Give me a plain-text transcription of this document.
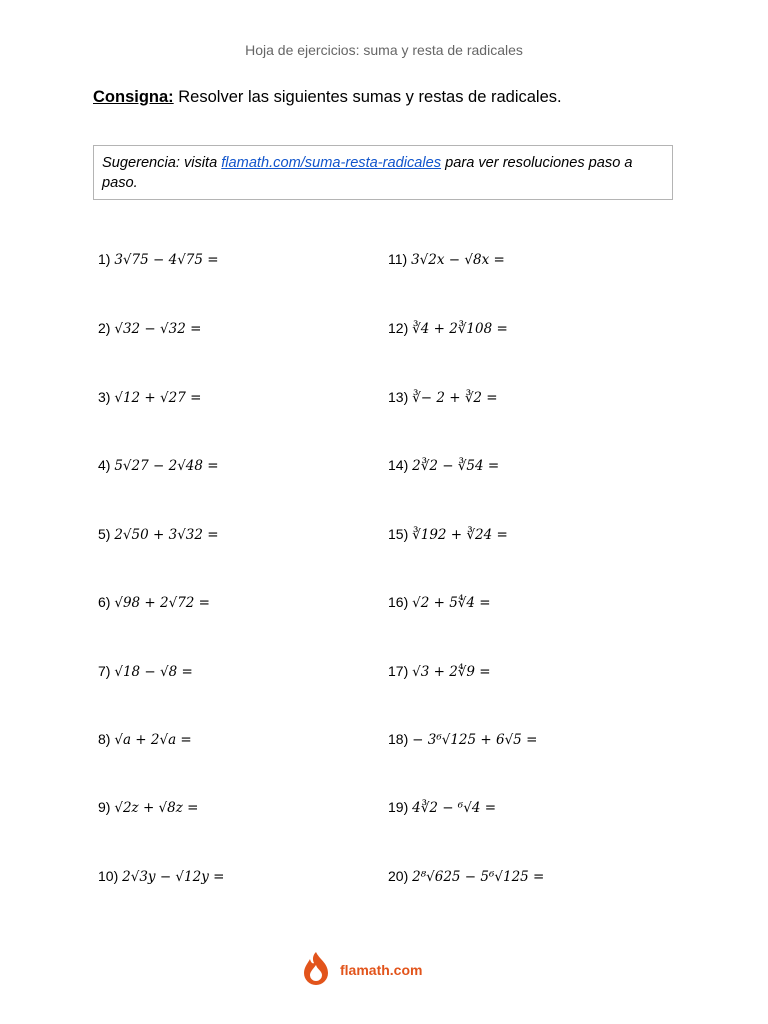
Hoja de ejercicios: suma y resta de radicales
Consigna: Resolver las siguientes sumas y restas de radicales.
Sugerencia: visita flamath.com/suma-resta-radicales para ver resoluciones paso a paso.
1) 3√75 − 4√75 =
2) √32 − √32 =
3) √12 + √27 =
4) 5√27 − 2√48 =
5) 2√50 + 3√32 =
6) √98 + 2√72 =
7) √18 − √8 =
8) √a + 2√a =
9) √2z + √8z =
10) 2√3y − √12y =
11) 3√2x − √8x =
12) ∛4 + 2∛108 =
13) ∛− 2 + ∛2 =
14) 2∛2 − ∛54 =
15) ∛192 + ∛24 =
16) √2 + 5∜4 =
17) √3 + 2∜9 =
18) − 3⁶√125 + 6√5 =
19) 4∛2 − ⁶√4 =
20) 2⁸√625 − 5⁶√125 =
flamath.com
